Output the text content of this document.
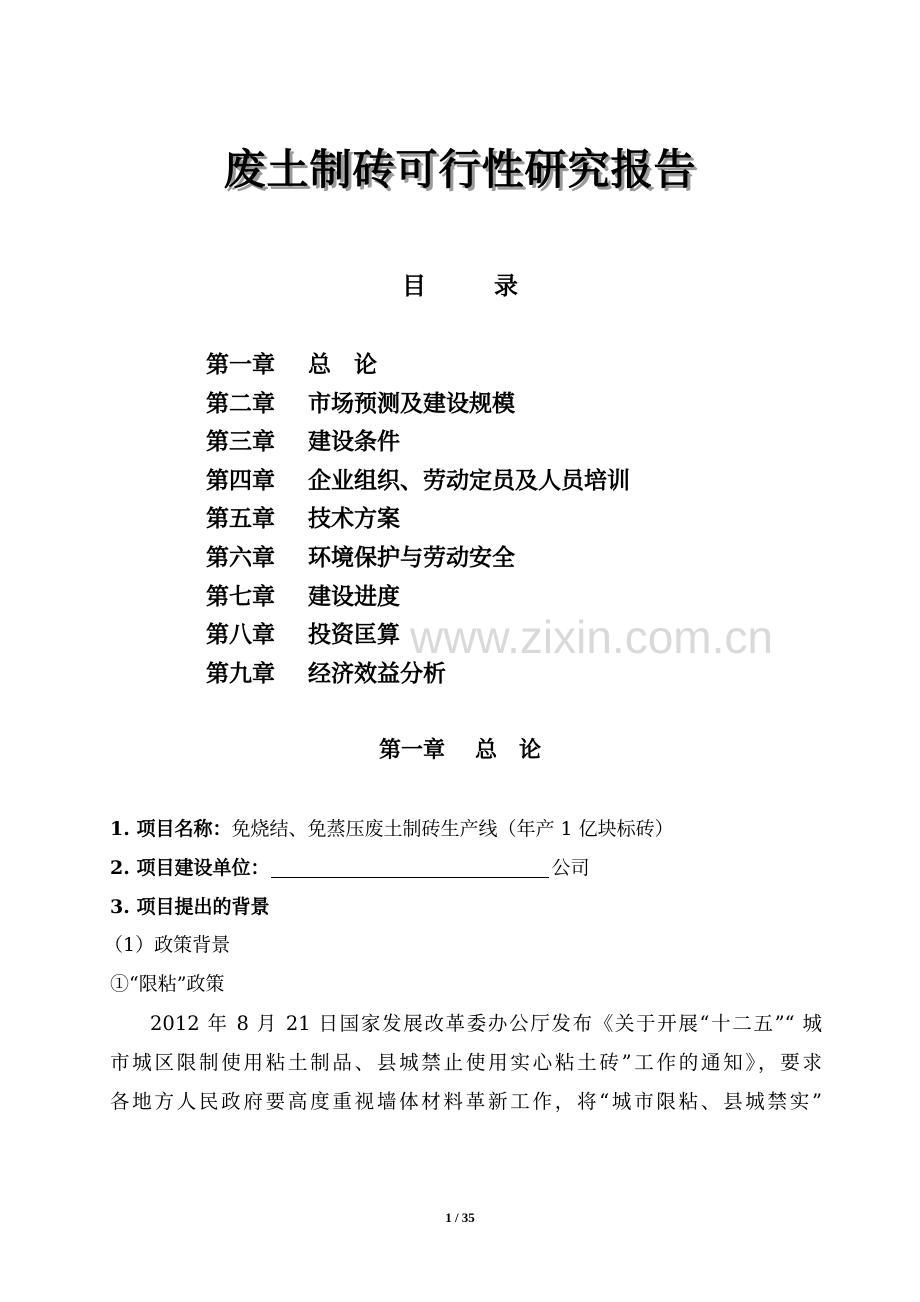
废土制砖可行性研究报告
目	录
第一章 总　论
第二章 市场预测及建设规模
第三章 建设条件
第四章 企业组织、劳动定员及人员培训
第五章 技术方案
第六章 环境保护与劳动安全
第七章 建设进度
第八章 投资匡算
第九章 经济效益分析
www.zixin.com.cn
第一章 总　论
1. 项目名称：免烧结、免蒸压废土制砖生产线（年产 1 亿块标砖）
2. 项目建设单位：	公司
3. 项目提出的背景
（1）政策背景
①“限粘”政策
2012 年 8 月 21 日国家发展改革委办公厅发布《关于开展“十二五”“ 城
市城区限制使用粘土制品、县城禁止使用实心粘土砖”工作的通知》，要求
各地方人民政府要高度重视墙体材料革新工作，将“城市限粘、县城禁实”
1 / 35
